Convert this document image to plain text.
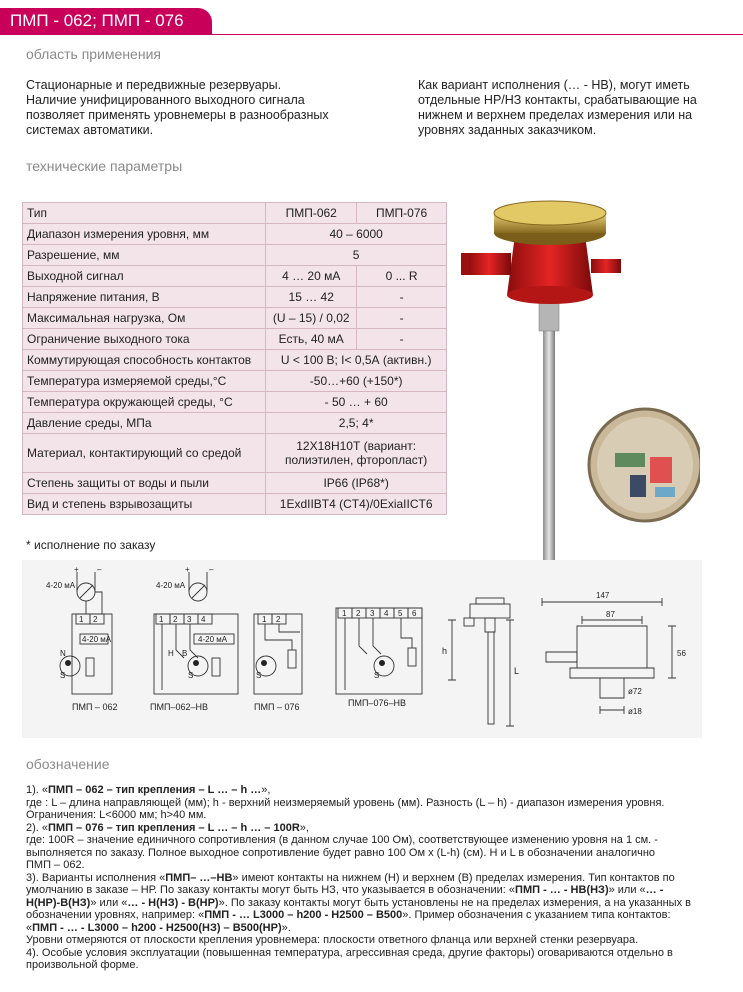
ПМП - 062; ПМП - 076
область применения
Стационарные и передвижные резервуары.
Наличие унифицированного выходного сигнала
позволяет применять уровнемеры в разнообразных
системах автоматики.
Как вариант исполнения (… - НВ), могут иметь
отдельные НР/НЗ контакты, срабатывающие на
нижнем и верхнем пределах измерения или на
уровнях заданных заказчиком.
технические параметры
Тип	ПМП-062	ПМП-076
Диапазон измерения уровня, мм	40 – 6000	
Разрешение, мм	5	
Выходной сигнал	4 … 20 мА	0 ... R
Напряжение питания, В	15 … 42	-
Максимальная нагрузка, Ом	(U – 15) / 0,02	-
Ограничение выходного тока	Есть, 40 мА	-
Коммутирующая способность контактов	U < 100 В; I< 0,5А (активн.)	
Температура измеряемой среды,°С	-50…+60 (+150*)	
Температура окружающей среды, °С	- 50 … + 60	
Давление среды, МПа	2,5; 4*	
Материал, контактирующий со средой	12Х18Н10Т (вариант:
полиэтилен, фторопласт)	

Степень защиты от воды и пыли	IP66 (IP68*)	
Вид и степень взрывозащиты	1ExdIIBT4 (CT4)/0ExiaIICT6	
* исполнение по заказу
4-20 мА
+ –
1 2
4-20 мА
N
S
ПМП – 062
4-20 мА
+ –
1 2 3 4
4-20 мА
H B
S
ПМП–062–НВ
1 2
S
ПМП – 076
1 2 3 4 5 6
S
ПМП–076–НВ
h
L
147
87
56
ø72
ø18
обозначение

1). «ПМП – 062 – тип крепления – L … – h …»,

где : L – длина направляющей (мм); h - верхний неизмеряемый уровень (мм). Разность (L – h) - диапазон измерения уровня.

Ограничения: L<6000 мм; h>40 мм.

2). «ПМП – 076 – тип крепления – L … – h … – 100R»,

где: 100R – значение единичного сопротивления (в данном случае 100 Ом), соответствующее изменению уровня на 1 см. -

выполняется по заказу. Полное выходное сопротивление будет равно 100 Ом х (L-h) (см). H и L в обозначении аналогично

ПМП – 062.

3). Варианты исполнения «ПМП– …–НВ» имеют контакты на нижнем (Н) и верхнем (В) пределах измерения. Тип контактов по

умолчанию в заказе – НР. По заказу контакты могут быть НЗ, что указывается в обозначении: «ПМП - … - НВ(НЗ)» или «… -

Н(НР)-В(НЗ)» или «… - Н(НЗ) - В(НР)». По заказу контакты могут быть установлены не на пределах измерения, а на указанных в

обозначении уровнях, например: «ПМП - … L3000 – h200 - H2500 – B500». Пример обозначения с указанием типа контактов:

«ПМП - … - L3000 – h200 - H2500(НЗ) – B500(НР)».

Уровни отмеряются от плоскости крепления уровнемера: плоскости ответного фланца или верхней стенки резервуара.

4). Особые условия эксплуатации (повышенная температура, агрессивная среда, другие факторы) оговариваются отдельно в

произвольной форме.
